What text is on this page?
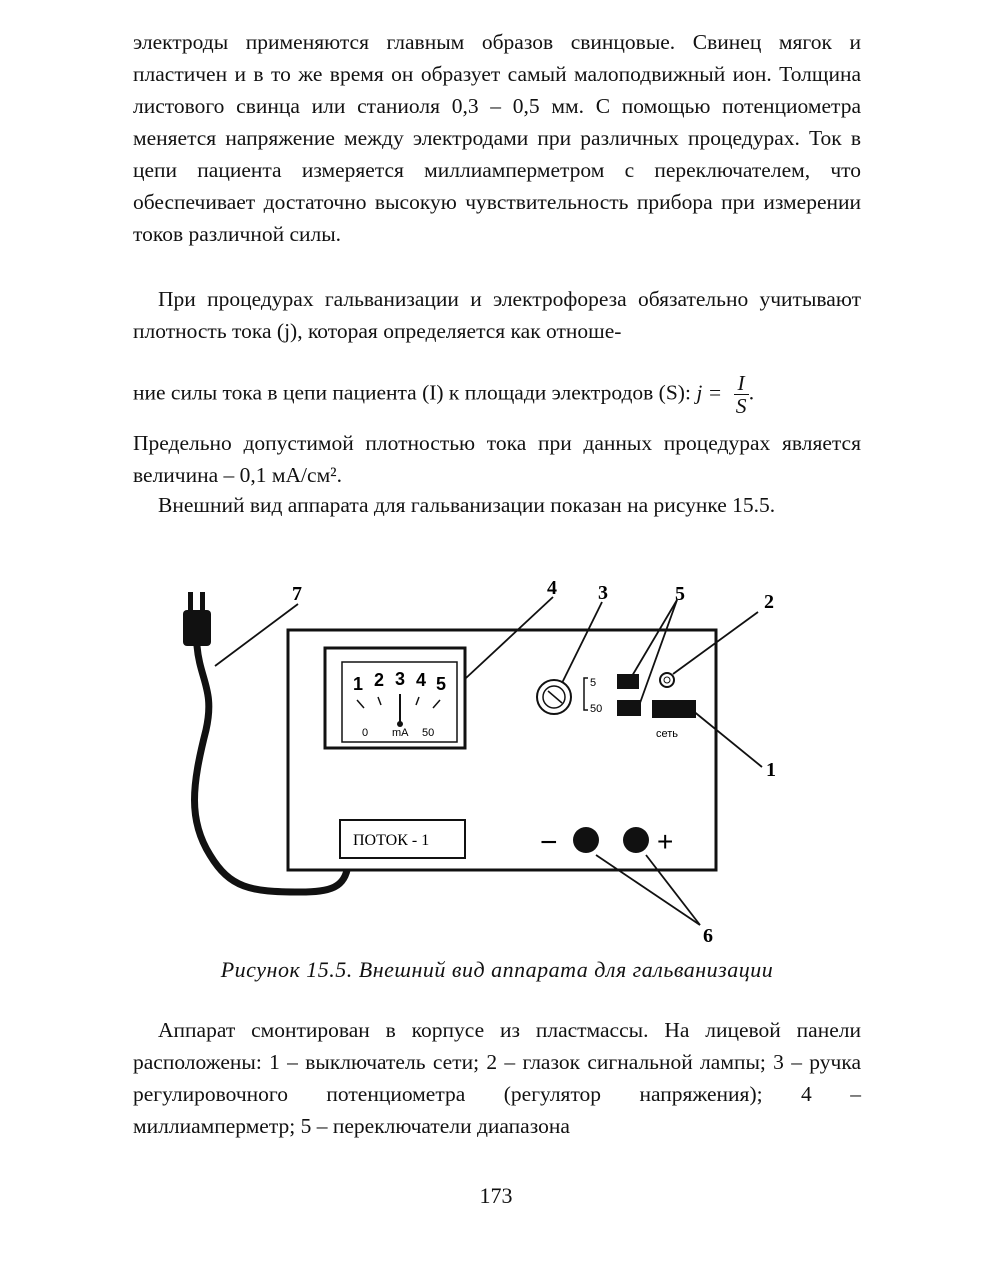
электроды применяются главным образов свинцовые. Свинец мягок и пластичен и в то же время он образует самый малоподвижный ион. Толщина листового свинца или станиоля 0,3 – 0,5 мм. С помощью потенциометра меняется напряжение между электродами при различных процедурах. Ток в цепи пациента измеряется миллиамперметром с переключателем, что обеспечивает достаточно высокую чувствительность прибора при измерении токов различной силы.

При процедурах гальванизации и электрофореза обязательно учитывают плотность тока (j), которая определяется как отноше-

ние силы тока в цепи пациента (I) к площади электродов (S): $j = \frac{I}{S}$ .

Предельно допустимой плотностью тока при данных процедурах является величина – 0,1 мА/см².

Внешний вид аппарата для гальванизации показан на рисунке 15.5.

1 2 3 4 5
0 mA 50
5
50
сеть
ПОТОК - 1	−	+
7	4 3	5	2
1
6
Рисунок 15.5. Внешний вид аппарата для гальванизации

Аппарат смонтирован в корпусе из пластмассы. На лицевой панели расположены: 1 – выключатель сети; 2 – глазок сигнальной лампы; 3 – ручка регулировочного потенциометра (регулятор напряжения); 4 – миллиамперметр; 5 – переключатели диапазона

173
